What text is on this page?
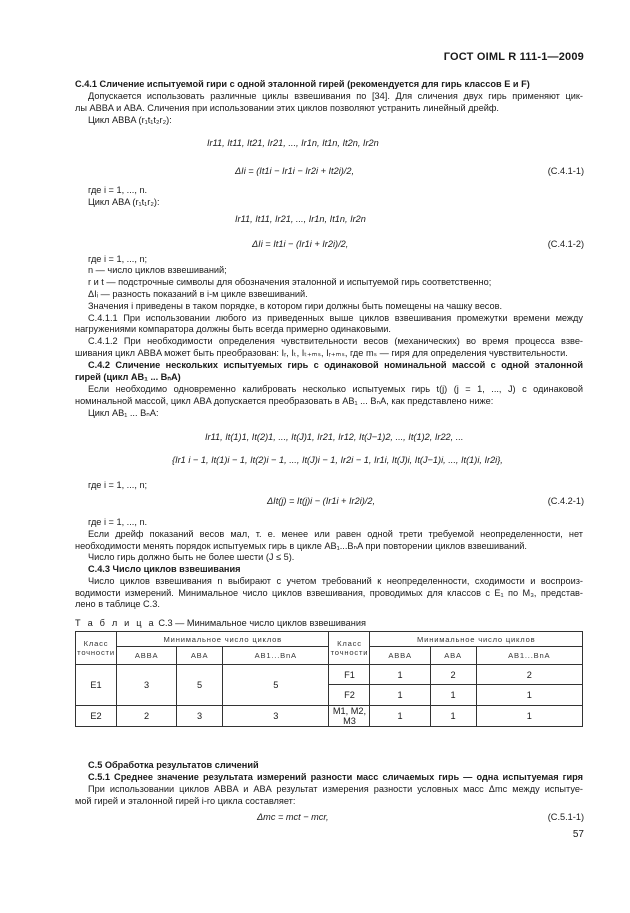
ГОСТ OIML R 111-1—2009
С.4.1 Сличение испытуемой гири с одной эталонной гирей (рекомендуется для гирь классов Е и F)
Допускается использовать различные циклы взвешивания по [34]. Для сличения двух гирь применяют цик-
лы ABBA и ABA. Сличения при использовании этих циклов позволяют устранить линейный дрейф.
Цикл ABBA (r₁t₁t₂r₂):
Ir11, It11, It21, Ir21, ..., Ir1n, It1n, It2n, Ir2n
ΔIi = (It1i − Ir1i − Ir2i + It2i)/2,	(С.4.1-1)
где i = 1, ..., n.
Цикл ABA (r₁t₁r₂):
Ir11, It11, Ir21, ..., Ir1n, It1n, Ir2n
ΔIi = It1i − (Ir1i + Ir2i)/2,	(С.4.1-2)
где i = 1, ..., n;
n — число циклов взвешиваний;
r и t — подстрочные символы для обозначения эталонной и испытуемой гирь соответственно;
ΔIᵢ — разность показаний в i-м цикле взвешиваний.
Значения i приведены в таком порядке, в котором гири должны быть помещены на чашку весов.
С.4.1.1 При использовании любого из приведенных выше циклов взвешивания промежутки времени между
нагружениями компаратора должны быть всегда примерно одинаковыми.
С.4.1.2 При необходимости определения чувствительности весов (механических) во время процесса взве-
шивания цикл ABBA может быть преобразован: Iᵣ, Iₜ, Iₜ₊ₘₛ, Iᵣ₊ₘₛ, где mₛ — гиря для определения чувствительности.
С.4.2 Сличение нескольких испытуемых гирь с одинаковой номинальной массой с одной эталонной
гирей (цикл AB₁ ... BₙA)
Если необходимо одновременно калибровать несколько испытуемых гирь t(j) (j = 1, ..., J) с одинаковой
номинальной массой, цикл ABA допускается преобразовать в AB₁ ... BₙA, как представлено ниже:
Цикл AB₁ ... BₙA:
Ir11, It(1)1, It(2)1, ..., It(J)1, Ir21, Ir12, It(J−1)2, ..., It(1)2, Ir22, ...
{Ir1 i − 1, It(1)i − 1, It(2)i − 1, ..., It(J)i − 1, Ir2i − 1, Ir1i, It(J)i, It(J−1)i, ..., It(1)i, Ir2i},
где i = 1, ..., n;
ΔIt(j) = It(j)i − (Ir1i + Ir2i)/2,	(С.4.2-1)
где i = 1, ..., n.
Если дрейф показаний весов мал, т. е. менее или равен одной трети требуемой неопределенности, нет
необходимости менять порядок испытуемых гирь в цикле AB₁...BₙA при повторении циклов взвешиваний.
Число гирь должно быть не более шести (J ≤ 5).
С.4.3 Число циклов взвешивания
Число циклов взвешивания n выбирают с учетом требований к неопределенности, сходимости и воспроиз-
водимости измерений. Минимальное число циклов взвешивания, проводимых для классов с E₁ по M₃, представ-
лено в таблице С.3.
Т а б л и ц а С.3 — Минимальное число циклов взвешивания
Класс точности	Минимальное число циклов			Класс точности	Минимальное число циклов		
	ABBA	ABA	AB1...BnA		ABBA	ABA	AB1...BnA
E1	3	5	5	F1	1	2	2
				F2	1	1	1
E2	2	3	3	M1, M2, M3	1	1	1
С.5 Обработка результатов сличений
С.5.1 Среднее значение результата измерений разности масс сличаемых гирь — одна испытуемая гиря
При использовании циклов ABBA и ABA результат измерения разности условных масс Δmc между испытуе-
мой гирей и эталонной гирей i-го цикла составляет:
Δmc = mct − mcr,	(С.5.1-1)
57
